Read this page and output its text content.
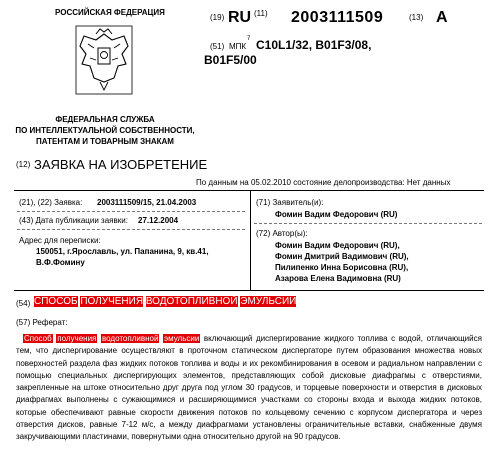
РОССИЙСКАЯ ФЕДЕРАЦИЯ
ФЕДЕРАЛЬНАЯ СЛУЖБА
ПО ИНТЕЛЛЕКТУАЛЬНОЙ СОБСТВЕННОСТИ,
ПАТЕНТАМ И ТОВАРНЫМ ЗНАКАМ
(19) RU (11) 2003111509	(13) A
(51) МПК
7 C10L1/32, B01F3/08,
B01F5/00
(12) ЗАЯВКА НА ИЗОБРЕТЕНИЕ
По данным на 05.02.2010 состояние делопроизводства: Нет данных
(21), (22) Заявка: 2003111509/15, 21.04.2003
(43) Дата публикации заявки: 27.12.2004
Адрес для переписки:
150051, г.Ярославль, ул. Папанина, 9, кв.41,
В.Ф.Фомину
(71) Заявитель(и):
Фомин Вадим Федорович (RU)
(72) Автор(ы):
Фомин Вадим Федорович (RU),
Фомин Дмитрий Вадимович (RU),
Пилипенко Инна Борисовна (RU),
Азарова Елена Вадимовна (RU)
(54) СПОСОБ ПОЛУЧЕНИЯ ВОДОТОПЛИВНОЙ ЭМУЛЬСИИ
(57) Реферат:
Способ получения водотопливной эмульсии включающий диспергирование жидкого топлива с водой, отличающийся тем, что диспергирование осуществляют в проточном статическом диспергаторе путем образования множества новых поверхностей раздела фаз жидких потоков топлива и воды и их рекомбинирования в осевом и радиальном направлении с помощью специальных диспергирующих элементов, представляющих собой дисковые диафрагмы с отверстиями, закрепленные на штоке относительно друг друга под углом 30 градусов, и торцевые поверхности и отверстия в дисковых диафрагмах выполнены с сужающимися и расширяющимися участками со стороны входа и выхода жидких потоков, которые обеспечивают равные скорости движения потоков по кольцевому сечению с корпусом диспергатора и через отверстия дисков, равные 7-12 м/с, а между диафрагмами установлены ограничительные вставки, снабженные двумя закручивающими пластинами, повернутыми одна относительно другой на 90 градусов.
